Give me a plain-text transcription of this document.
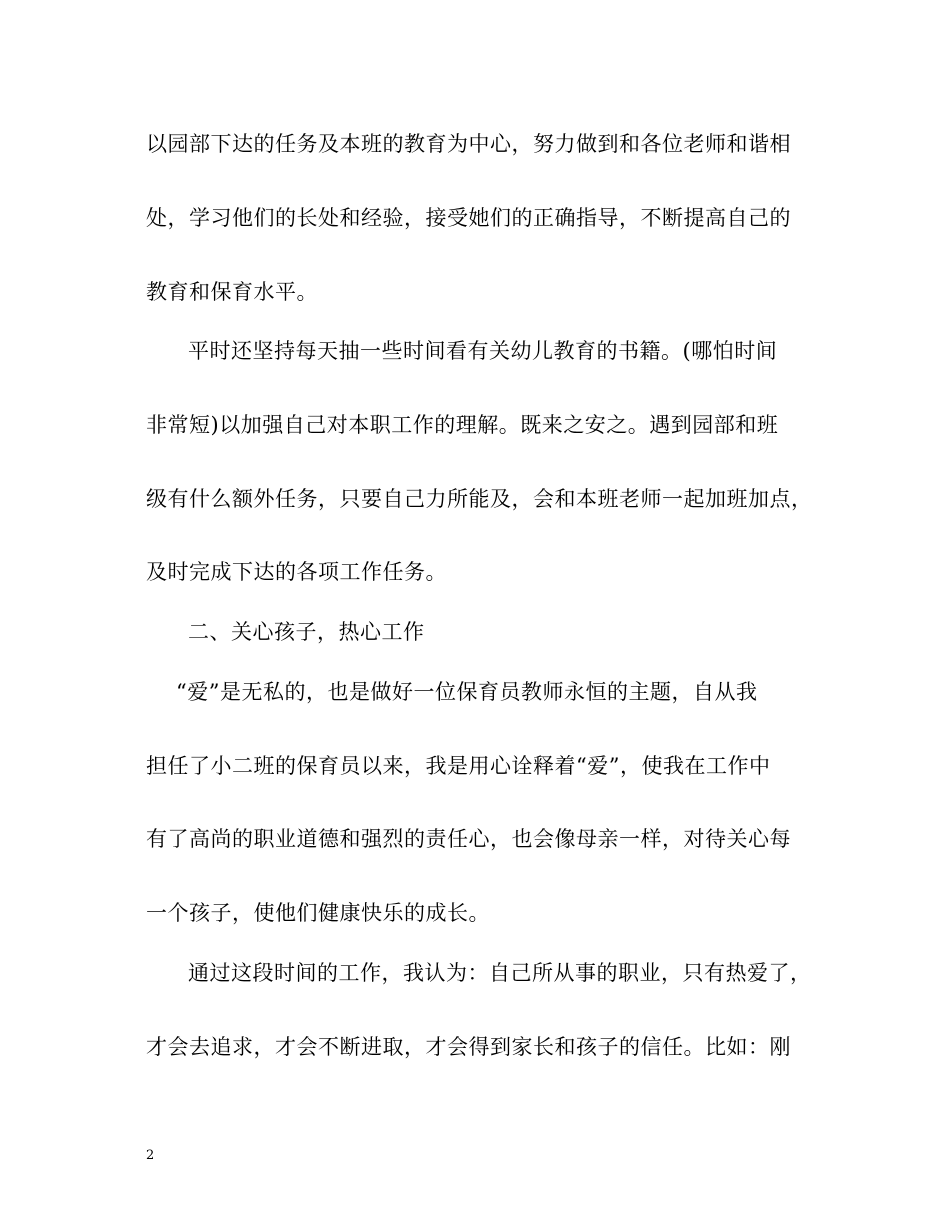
以园部下达的任务及本班的教育为中心，努力做到和各位老师和谐相
处，学习他们的长处和经验，接受她们的正确指导，不断提高自己的
教育和保育水平。
平时还坚持每天抽一些时间看有关幼儿教育的书籍。(哪怕时间
非常短)以加强自己对本职工作的理解。既来之安之。遇到园部和班
级有什么额外任务，只要自己力所能及，会和本班老师一起加班加点，
及时完成下达的各项工作任务。
二、关心孩子，热心工作
“爱”是无私的，也是做好一位保育员教师永恒的主题，自从我
担任了小二班的保育员以来，我是用心诠释着“爱”，使我在工作中
有了高尚的职业道德和强烈的责任心，也会像母亲一样，对待关心每
一个孩子，使他们健康快乐的成长。
通过这段时间的工作，我认为：自己所从事的职业，只有热爱了，
才会去追求，才会不断进取，才会得到家长和孩子的信任。比如：刚
2
